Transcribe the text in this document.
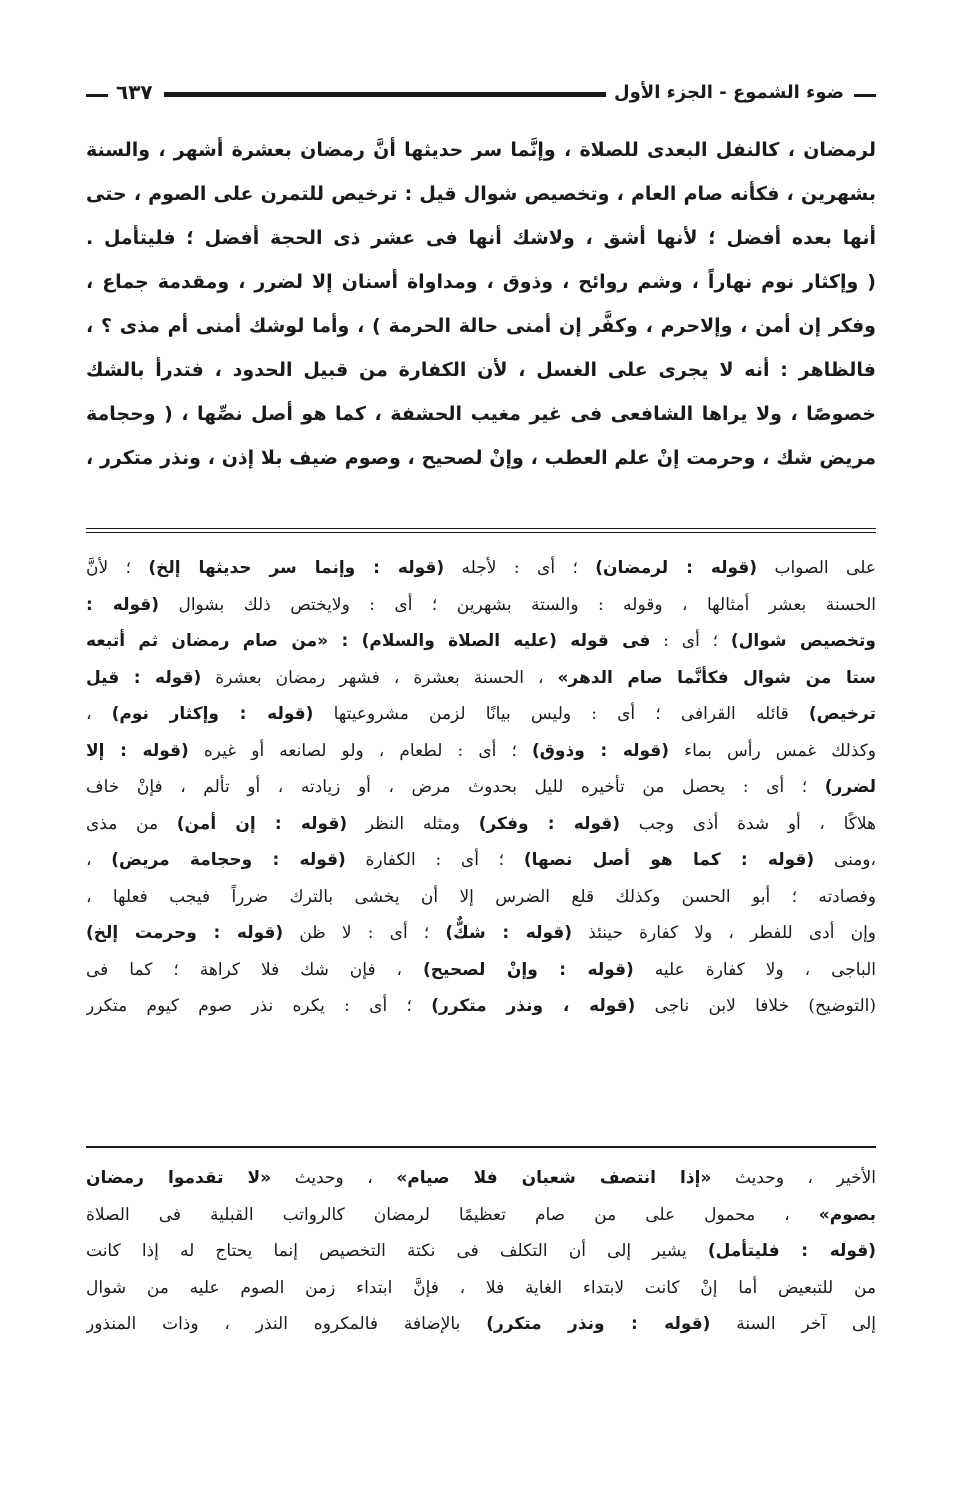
ضوء الشموع - الجزء الأول
٦٣٧
لرمضان ، كالنفل البعدى للصلاة ، وإنَّما سر حديثها أنَّ رمضان بعشرة أشهر ، والسنة
بشهرين ، فكأنه صام العام ، وتخصيص شوال قيل : ترخيص للتمرن على الصوم ، حتى
أنها بعده أفضل ؛ لأنها أشق ، ولاشك أنها فى عشر ذى الحجة أفضل ؛ فليتأمل .
( وإكثار نوم نهاراً ، وشم روائح ، وذوق ، ومداواة أسنان إلا لضرر ، ومقدمة جماع ،
وفكر إن أمن ، وإلاحرم ، وكفَّر إن أمنى حالة الحرمة ) ، وأما لوشك أمنى أم مذى ؟ ،
فالظاهر : أنه لا يجرى على الغسل ، لأن الكفارة من قبيل الحدود ، فتدرأ بالشك
خصوصًا ، ولا يراها الشافعى فى غير مغيب الحشفة ، كما هو أصل نصِّها ، ( وحجامة
مريض شك ، وحرمت إنْ علم العطب ، وإنْ لصحيح ، وصوم ضيف بلا إذن ، ونذر متكرر ،
على الصواب (قوله : لرمضان) ؛ أى : لأجله (قوله : وإنما سر حديثها إلخ) ؛ لأنَّ
الحسنة بعشر أمثالها ، وقوله : والستة بشهرين ؛ أى : ولايختص ذلك بشوال (قوله :
وتخصيص شوال) ؛ أى : فى قوله (عليه الصلاة والسلام) : «من صام رمضان ثم أتبعه
ستا من شوال فكأنَّما صام الدهر» ، الحسنة بعشرة ، فشهر رمضان بعشرة (قوله : قيل
ترخيص) قائله القرافى ؛ أى : وليس بيانًا لزمن مشروعيتها (قوله : وإكثار نوم) ،
وكذلك غمس رأس بماء (قوله : وذوق) ؛ أى : لطعام ، ولو لصانعه أو غيره (قوله : إلا
لضرر) ؛ أى : يحصل من تأخيره لليل بحدوث مرض ، أو زيادته ، أو تألم ، فإنْ خاف
هلاكًا ، أو شدة أذى وجب (قوله : وفكر) ومثله النظر (قوله : إن أمن) من مذى
،ومنى (قوله : كما هو أصل نصها) ؛ أى : الكفارة (قوله : وحجامة مريض) ،
وفصادته ؛ أبو الحسن وكذلك قلع الضرس إلا أن يخشى بالترك ضرراً فيجب فعلها ،
وإن أدى للفطر ، ولا كفارة حينئذ (قوله : شكٌّ) ؛ أى : لا ظن (قوله : وحرمت إلخ)
الباجى ، ولا كفارة عليه (قوله : وإنْ لصحيح) ، فإن شك فلا كراهة ؛ كما فى
(التوضيح) خلافا لابن ناجى (قوله ، ونذر متكرر) ؛ أى : يكره نذر صوم كيوم متكرر
الأخير ، وحديث «إذا انتصف شعبان فلا صيام» ، وحديث «لا تقدموا رمضان
بصوم» ، محمول على من صام تعظيمًا لرمضان كالرواتب القبلية فى الصلاة
(قوله : فليتأمل) يشير إلى أن التكلف فى نكتة التخصيص إنما يحتاج له إذا كانت
من للتبعيض أما إنْ كانت لابتداء الغاية فلا ، فإنَّ ابتداء زمن الصوم عليه من شوال
إلى آخر السنة (قوله : ونذر متكرر) بالإضافة فالمكروه النذر ، وذات المنذور
